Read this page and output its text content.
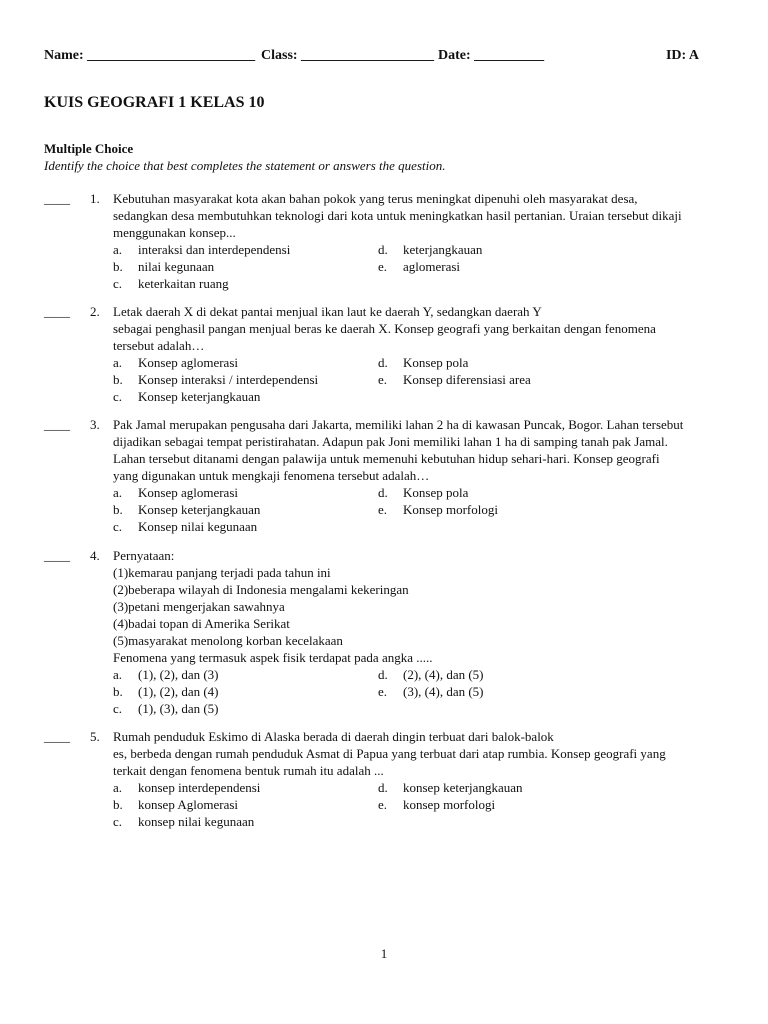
Name: ________________________ Class: ___________________ Date: __________	ID: A
KUIS GEOGRAFI 1 KELAS 10
Multiple Choice
Identify the choice that best completes the statement or answers the question.
____ 1. Kebutuhan masyarakat kota akan bahan pokok yang terus meningkat dipenuhi oleh masyarakat desa,
sedangkan desa membutuhkan teknologi dari kota untuk meningkatkan hasil pertanian. Uraian tersebut dikaji
menggunakan konsep...
a. interaksi dan interdependensi	d. keterjangkauan
b. nilai kegunaan	e. aglomerasi
c. keterkaitan ruang
____ 2. Letak daerah X di dekat pantai menjual ikan laut ke daerah Y, sedangkan daerah Y
sebagai penghasil pangan menjual beras ke daerah X. Konsep geografi yang berkaitan dengan fenomena
tersebut adalah…
a. Konsep aglomerasi	d. Konsep pola
b. Konsep interaksi / interdependensi	e. Konsep diferensiasi area
c. Konsep keterjangkauan
____ 3. Pak Jamal merupakan pengusaha dari Jakarta, memiliki lahan 2 ha di kawasan Puncak, Bogor. Lahan tersebut
dijadikan sebagai tempat peristirahatan. Adapun pak Joni memiliki lahan 1 ha di samping tanah pak Jamal.
Lahan tersebut ditanami dengan palawija untuk memenuhi kebutuhan hidup sehari-hari. Konsep geografi
yang digunakan untuk mengkaji fenomena tersebut adalah…
a. Konsep aglomerasi	d. Konsep pola
b. Konsep keterjangkauan	e. Konsep morfologi
c. Konsep nilai kegunaan
____ 4. Pernyataan:
(1)kemarau panjang terjadi pada tahun ini
(2)beberapa wilayah di Indonesia mengalami kekeringan
(3)petani mengerjakan sawahnya
(4)badai topan di Amerika Serikat
(5)masyarakat menolong korban kecelakaan
Fenomena yang termasuk aspek fisik terdapat pada angka .....
a. (1), (2), dan (3)	d. (2), (4), dan (5)
b. (1), (2), dan (4)	e. (3), (4), dan (5)
c. (1), (3), dan (5)
____ 5. Rumah penduduk Eskimo di Alaska berada di daerah dingin terbuat dari balok-balok
es, berbeda dengan rumah penduduk Asmat di Papua yang terbuat dari atap rumbia. Konsep geografi yang
terkait dengan fenomena bentuk rumah itu adalah ...
a. konsep interdependensi	d. konsep keterjangkauan
b. konsep Aglomerasi	e. konsep morfologi
c. konsep nilai kegunaan
1
